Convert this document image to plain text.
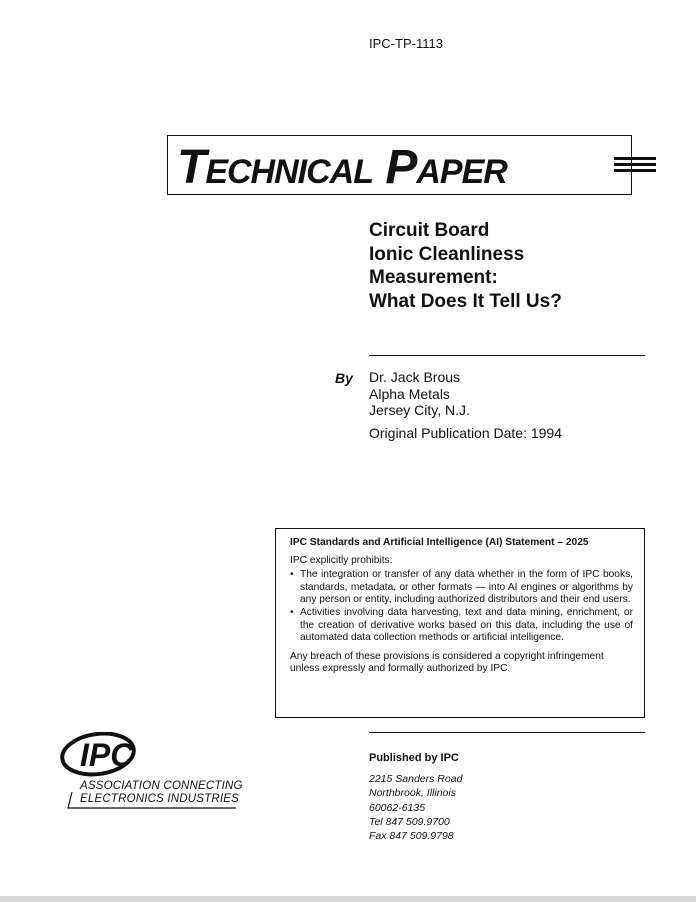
IPC-TP-1113
TECHNICAL PAPER
Circuit Board
Ionic Cleanliness
Measurement:
What Does It Tell Us?
By Dr. Jack Brous
Alpha Metals
Jersey City, N.J.
Original Publication Date: 1994
IPC Standards and Artificial Intelligence (AI) Statement – 2025
IPC explicitly prohibits:
• The integration or transfer of any data whether in the form of IPC books, standards, metadata, or other formats — into AI engines or algorithms by any person or entity, including authorized distributors and their end users.
• Activities involving data harvesting, text and data mining, enrichment, or the creation of derivative works based on this data, including the use of automated data collection methods or artificial intelligence.
Any breach of these provisions is considered a copyright infringement unless expressly and formally authorized by IPC.
IPC
ASSOCIATION CONNECTING
ELECTRONICS INDUSTRIES
Published by IPC
2215 Sanders Road
Northbrook, Illinois
60062-6135
Tel 847 509.9700
Fax 847 509.9798
